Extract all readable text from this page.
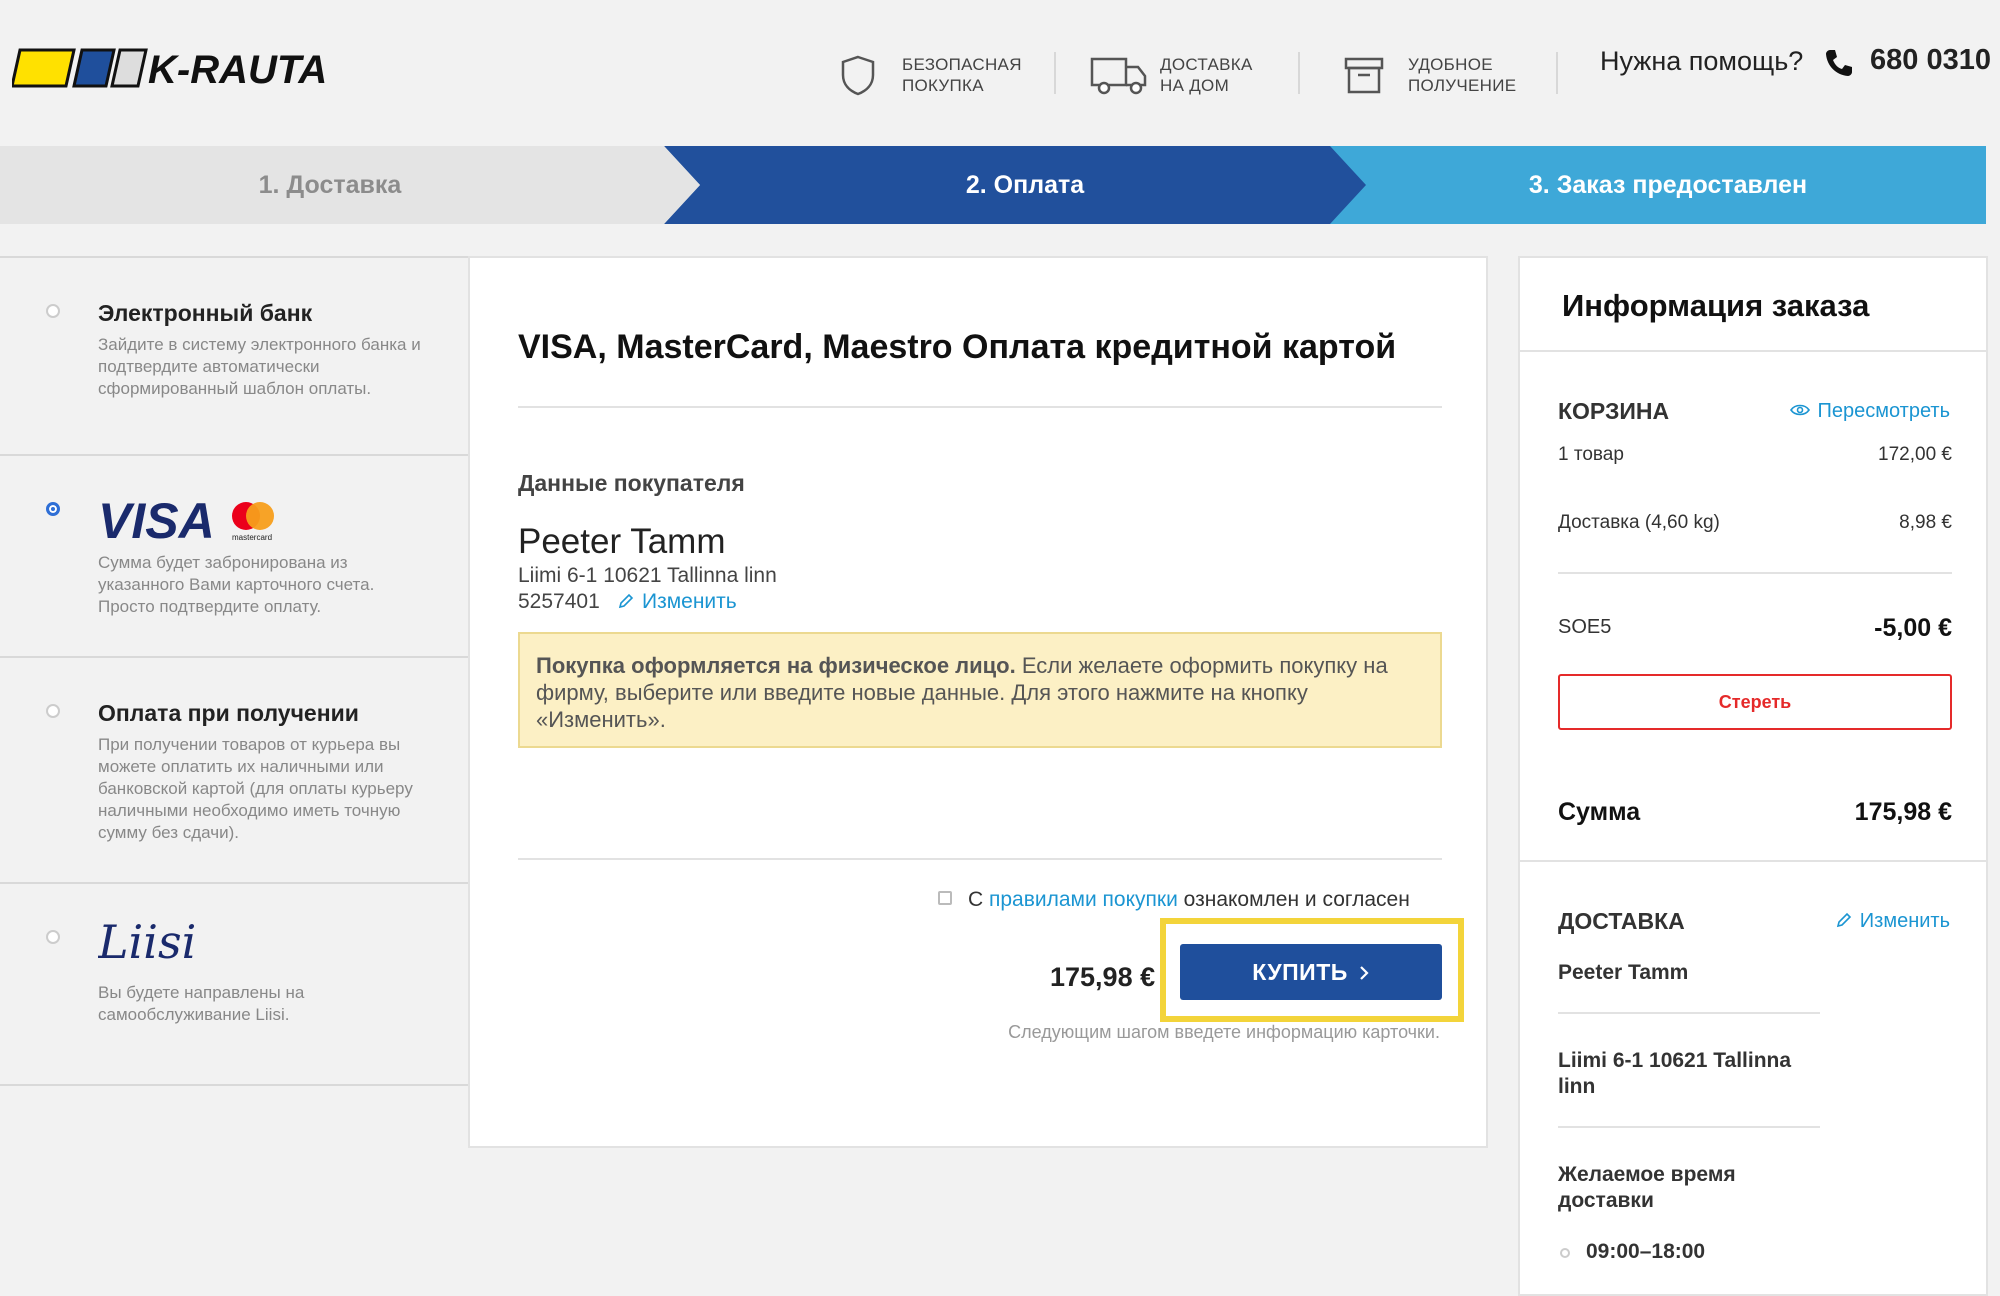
K-RAUTA	БЕЗОПАСНАЯ
ПОКУПКА
ДОСТАВКА
НА ДОМ
УДОБНОЕ
ПОЛУЧЕНИЕ
Нужна помощь? 680 0310
1. Доставка	2. Оплата	3. Заказ предоставлен
Электронный банк
Зайдите в систему электронного банка и подтвердите автоматически сформированный шаблон оплаты.
VISA mastercard
Сумма будет забронирована из указанного Вами карточного счета. Просто подтвердите оплату.
Оплата при получении
При получении товаров от курьера вы можете оплатить их наличными или банковской картой (для оплаты курьеру наличными необходимо иметь точную сумму без сдачи).
Liisi
Вы будете направлены на самообслуживание Liisi.
VISA, MasterCard, Maestro Оплата кредитной картой
Данные покупателя
Peeter Tamm
Liimi 6-1 10621 Tallinna linn
5257401	Изменить
Покупка оформляется на физическое лицо. Если желаете оформить покупку на фирму, выберите или введите новые данные. Для этого нажмите на кнопку «Изменить».
С правилами покупки ознакомлен и согласен
175,98 €	КУПИТЬ
Следующим шагом введете информацию карточки.
Информация заказа
КОРЗИНА	Пересмотреть
1 товар	172,00 €
Доставка (4,60 kg)	8,98 €
SOE5	-5,00 €
Стереть
Сумма	175,98 €
ДОСТАВКА	Изменить
Peeter Tamm
Liimi 6-1 10621 Tallinna linn
Желаемое время доставки
09:00–18:00
